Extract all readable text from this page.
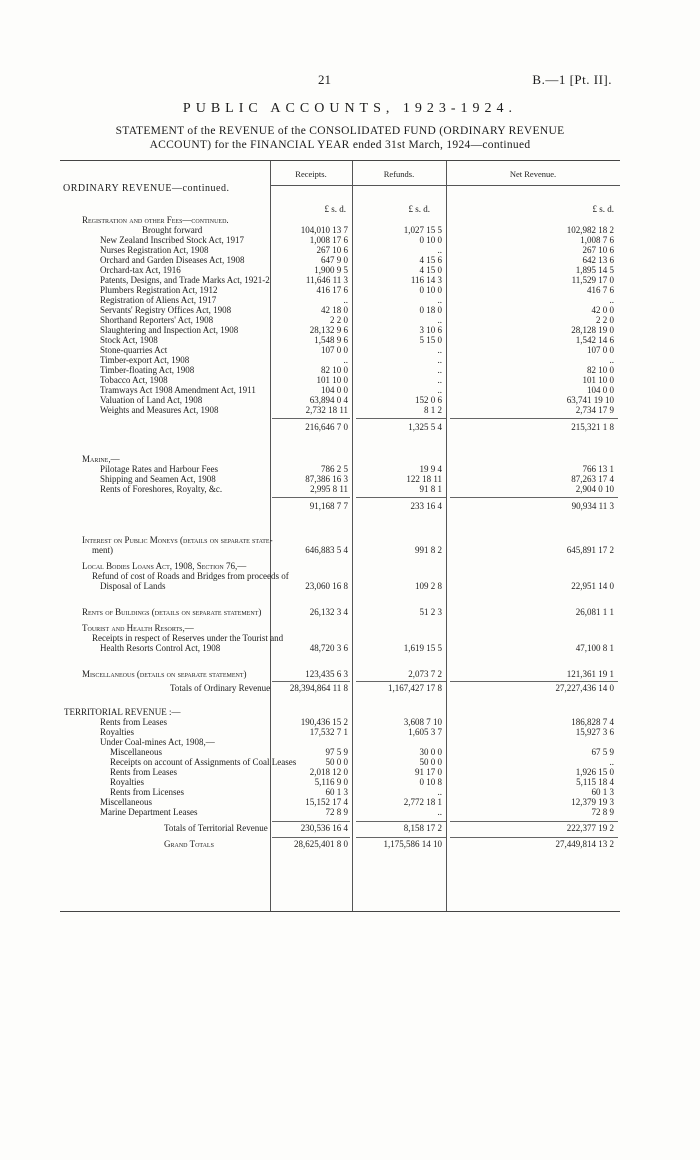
21	B.—1 [Pt. II].
PUBLIC ACCOUNTS, 1923-1924.
STATEMENT of the REVENUE of the CONSOLIDATED FUND (ORDINARY REVENUE
ACCOUNT) for the FINANCIAL YEAR ended 31st March, 1924—continued
Receipts.	Refunds.	Net Revenue.
ORDINARY REVENUE—continued.
£ s. d.	£ s. d.	£ s. d.
Registration and other Fees—continued.
Brought forward	104,010 13 7	1,027 15 5	102,982 18 2
New Zealand Inscribed Stock Act, 1917	1,008 17 6	0 10 0	1,008 7 6
Nurses Registration Act, 1908	267 10 6	..	267 10 6
Orchard and Garden Diseases Act, 1908	647 9 0	4 15 6	642 13 6
Orchard-tax Act, 1916	1,900 9 5	4 15 0	1,895 14 5
Patents, Designs, and Trade Marks Act, 1921-2	11,646 11 3	116 14 3	11,529 17 0
Plumbers Registration Act, 1912	416 17 6	0 10 0	416 7 6
Registration of Aliens Act, 1917	..	..	..
Servants' Registry Offices Act, 1908	42 18 0	0 18 0	42 0 0
Shorthand Reporters' Act, 1908	2 2 0	..	2 2 0
Slaughtering and Inspection Act, 1908	28,132 9 6	3 10 6	28,128 19 0
Stock Act, 1908	1,548 9 6	5 15 0	1,542 14 6
Stone-quarries Act	107 0 0	..	107 0 0
Timber-export Act, 1908	..	..	..
Timber-floating Act, 1908	82 10 0	..	82 10 0
Tobacco Act, 1908	101 10 0	..	101 10 0
Tramways Act 1908 Amendment Act, 1911	104 0 0	..	104 0 0
Valuation of Land Act, 1908	63,894 0 4	152 0 6	63,741 19 10
Weights and Measures Act, 1908	2,732 18 11	8 1 2	2,734 17 9
216,646 7 0	1,325 5 4	215,321 1 8
Marine,—
Pilotage Rates and Harbour Fees	786 2 5	19 9 4	766 13 1
Shipping and Seamen Act, 1908	87,386 16 3	122 18 11	87,263 17 4
Rents of Foreshores, Royalty, &c.	2,995 8 11	91 8 1	2,904 0 10
91,168 7 7	233 16 4	90,934 11 3
Interest on Public Moneys (details on separate state-
ment)	646,883 5 4	991 8 2	645,891 17 2
Local Bodies Loans Act, 1908, Section 76,—
Refund of cost of Roads and Bridges from proceeds of
Disposal of Lands	23,060 16 8	109 2 8	22,951 14 0
Rents of Buildings (details on separate statement)	26,132 3 4	51 2 3	26,081 1 1
Tourist and Health Resorts,—
Receipts in respect of Reserves under the Tourist and
Health Resorts Control Act, 1908	48,720 3 6	1,619 15 5	47,100 8 1
Miscellaneous (details on separate statement)	123,435 6 3	2,073 7 2	121,361 19 1
Totals of Ordinary Revenue	28,394,864 11 8	1,167,427 17 8	27,227,436 14 0
TERRITORIAL REVENUE :—
Rents from Leases	190,436 15 2	3,608 7 10	186,828 7 4
Royalties	17,532 7 1	1,605 3 7	15,927 3 6
Under Coal-mines Act, 1908,—
Miscellaneous	97 5 9	30 0 0	67 5 9
Receipts on account of Assignments of Coal Leases	50 0 0	50 0 0	..
Rents from Leases	2,018 12 0	91 17 0	1,926 15 0
Royalties	5,116 9 0	0 10 8	5,115 18 4
Rents from Licenses	60 1 3	..	60 1 3
Miscellaneous	15,152 17 4	2,772 18 1	12,379 19 3
Marine Department Leases	72 8 9	..	72 8 9
Totals of Territorial Revenue	230,536 16 4	8,158 17 2	222,377 19 2
Grand Totals	28,625,401 8 0	1,175,586 14 10	27,449,814 13 2
